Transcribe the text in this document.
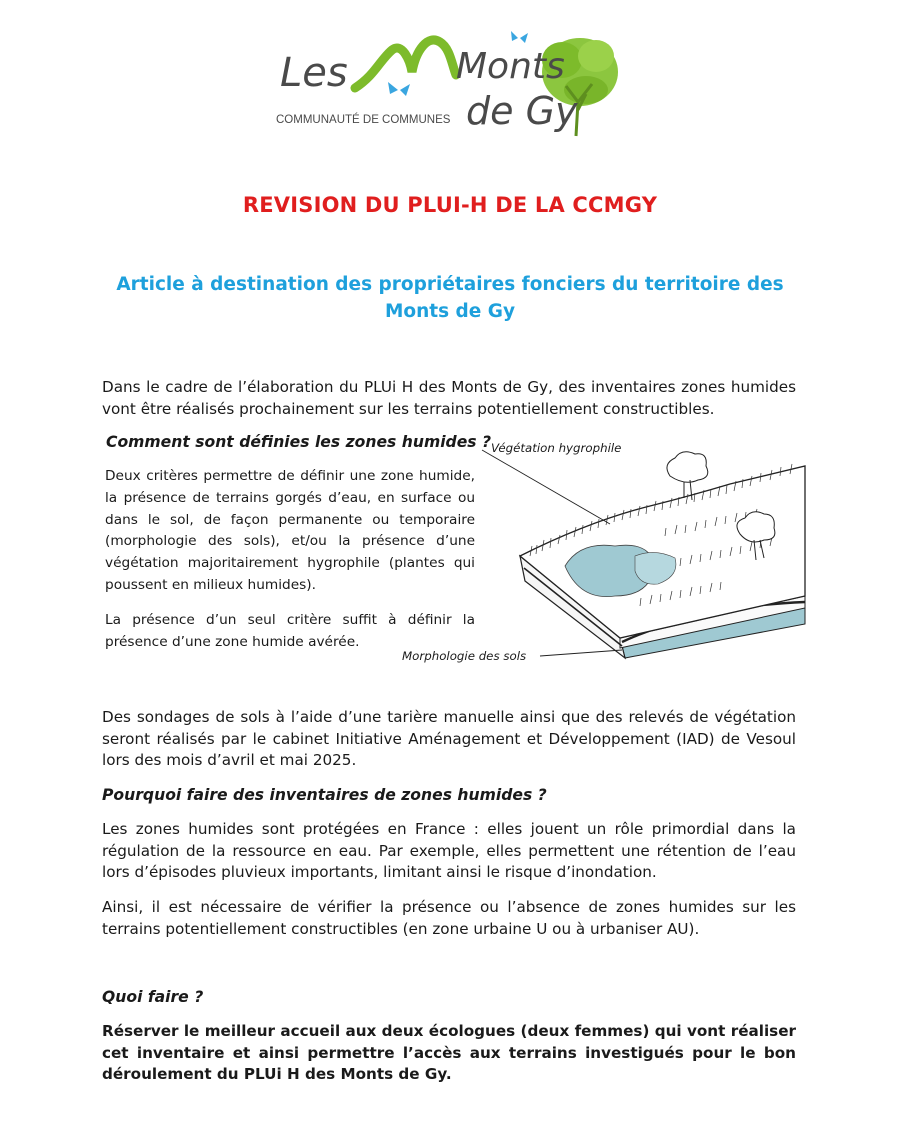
Les	Monts
de Gy
COMMUNAUTÉ DE COMMUNES
REVISION DU PLUI-H DE LA CCMGY
Article à destination des propriétaires fonciers du territoire des
Monts de Gy

Dans le cadre de l’élaboration du PLUi H des Monts de Gy, des inventaires zones humides vont être réalisés prochainement sur les terrains potentiellement constructibles.

Comment sont définies les zones humides ?

Deux critères permettre de définir une zone humide, la présence de terrains gorgés d’eau, en surface ou dans le sol, de façon permanente ou temporaire (morphologie des sols), et/ou la présence d’une végétation majoritairement hygrophile (plantes qui poussent en milieux humides).

La présence d’un seul critère suffit à définir la présence d’une zone humide avérée.

Végétation hygrophile
Morphologie des sols

Des sondages de sols à l’aide d’une tarière manuelle ainsi que des relevés de végétation seront réalisés par le cabinet Initiative Aménagement et Développement (IAD) de Vesoul lors des mois d’avril et mai 2025.

Pourquoi faire des inventaires de zones humides ?

Les zones humides sont protégées en France : elles jouent un rôle primordial dans la régulation de la ressource en eau. Par exemple, elles permettent une rétention de l’eau lors d’épisodes pluvieux importants, limitant ainsi le risque d’inondation.

Ainsi, il est nécessaire de vérifier la présence ou l’absence de zones humides sur les terrains potentiellement constructibles (en zone urbaine U ou à urbaniser AU).

Quoi faire ?

Réserver le meilleur accueil aux deux écologues (deux femmes) qui vont réaliser cet inventaire et ainsi permettre l’accès aux terrains investigués pour le bon déroulement du PLUi H des Monts de Gy.
